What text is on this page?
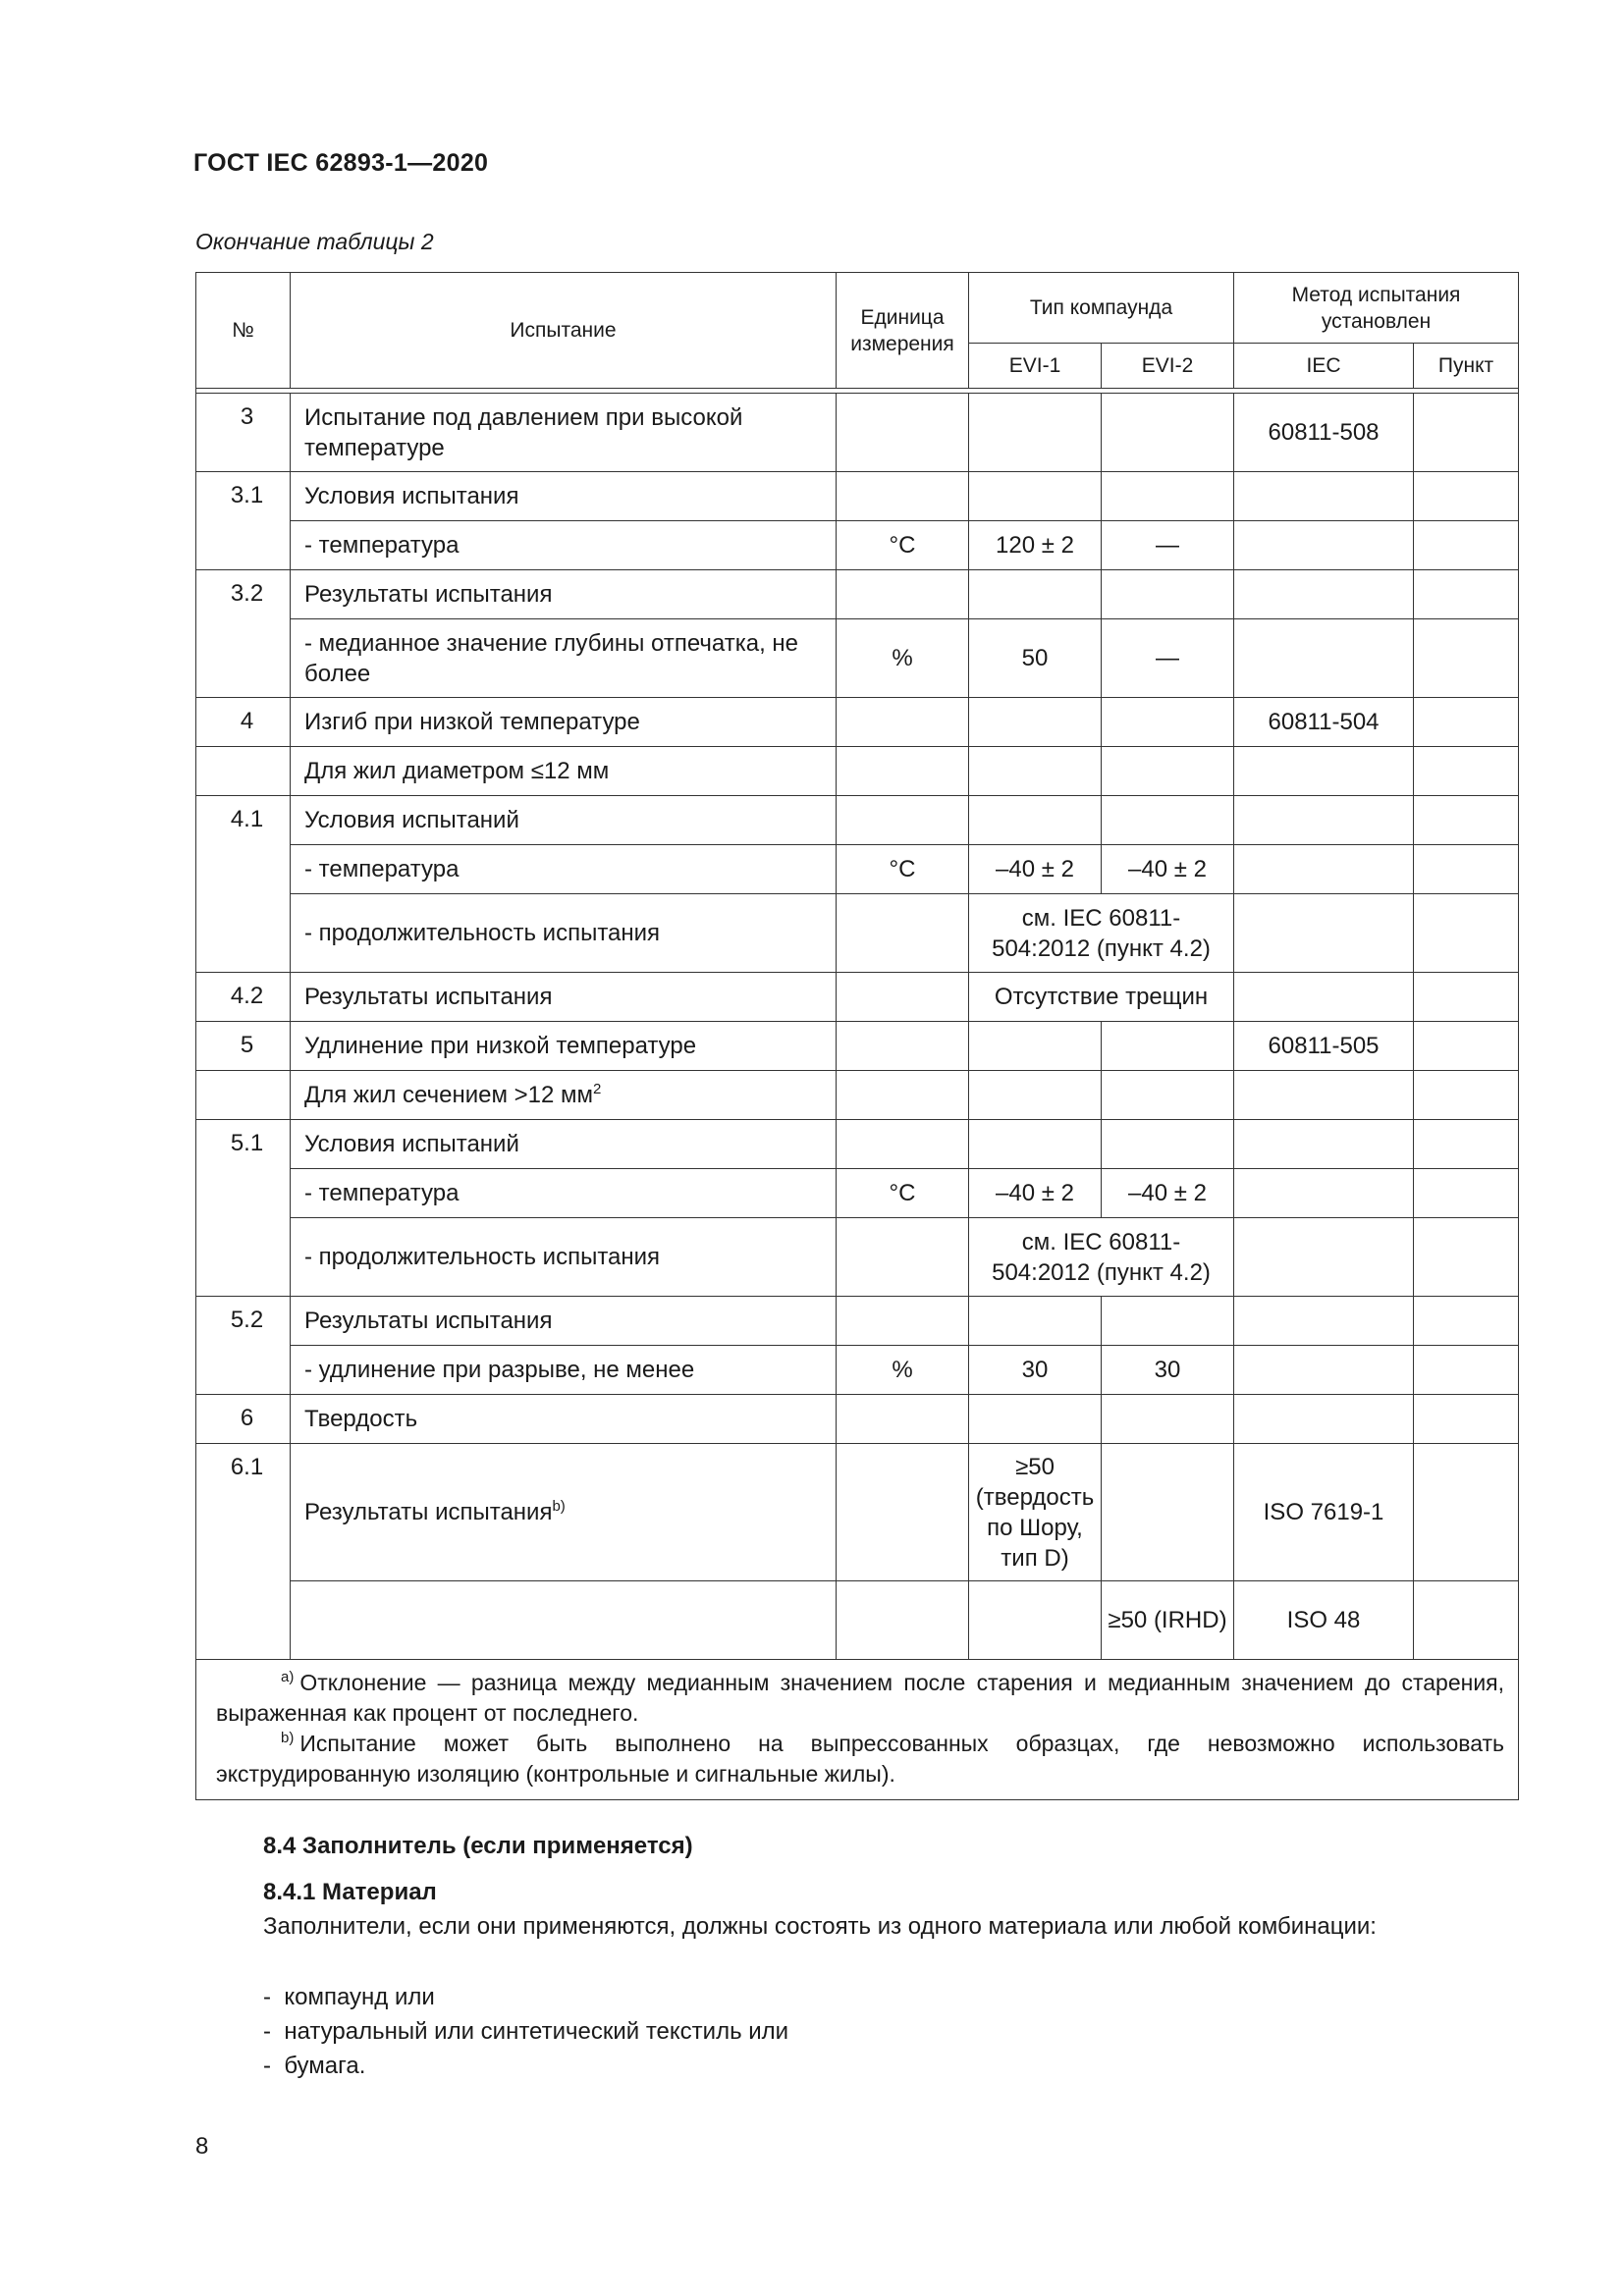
ГОСТ IEC 62893-1—2020
Окончание таблицы 2
№	Испытание	Единица измерения	Тип компаунда		Метод испытания установлен	
			EVI-1	EVI-2	IEC	Пункт

3	Испытание под давлением при высокой температуре				60811-508	
3.1	Условия испытания					
	- температура	°C	120 ± 2	—		
3.2	Результаты испытания					
	- медианное значение глубины отпечатка, не более	%	50	—		
4	Изгиб при низкой температуре				60811-504	
	Для жил диаметром ≤12 мм					
4.1	Условия испытаний					
	- температура	°C	–40 ± 2	–40 ± 2		
	- продолжительность испытания		см. IEC 60811-504:2012 (пункт 4.2)			
4.2	Результаты испытания		Отсутствие трещин			
5	Удлинение при низкой температуре				60811-505	
	Для жил сечением >12 $мм^2$					
5.1	Условия испытаний					
	- температура	°C	–40 ± 2	–40 ± 2		
	- продолжительность испытания		см. IEC 60811-504:2012 (пункт 4.2)			
5.2	Результаты испытания					
	- удлинение при разрыве, не менее	%	30	30		
6	Твердость					
6.1	Результаты испытания$^{b)}$		≥50 (твердость по Шору, тип D)		ISO 7619-1	
				≥50 (IRHD)	ISO 48	

$^{a)}$ Отклонение — разница между медианным значением после старения и медианным значением до старения, выраженная как процент от последнего.
$^{b)}$ Испытание может быть выполнено на выпрессованных образцах, где невозможно использовать экструдированную изоляцию (контрольные и сигнальные жилы).						
8.4 Заполнитель (если применяется)
8.4.1 Материал
Заполнители, если они применяются, должны состоять из одного материала или любой комбинации:
- компаунд или
- натуральный или синтетический текстиль или
- бумага.
8
